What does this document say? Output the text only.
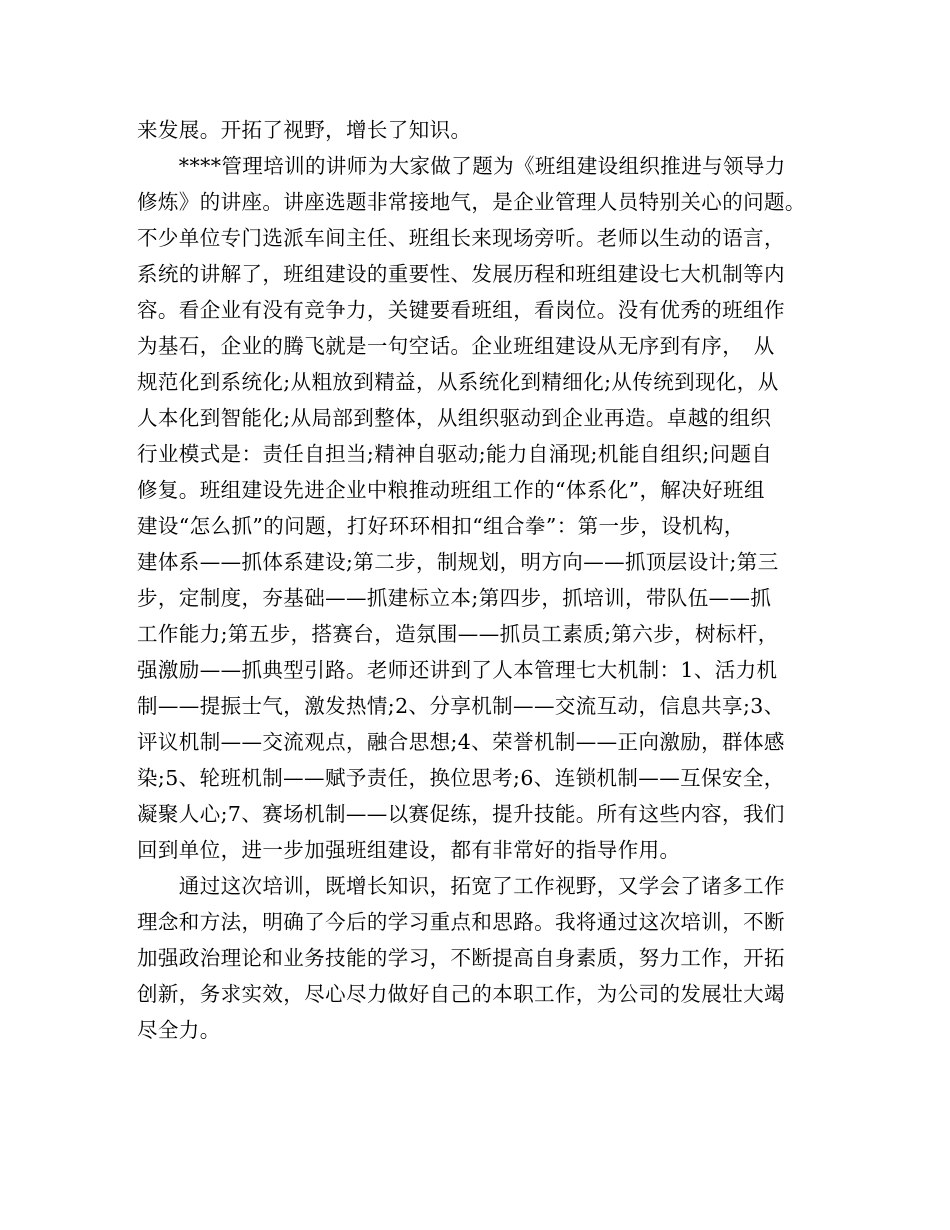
来发展。开拓了视野，增长了知识。
　　****管理培训的讲师为大家做了题为《班组建设组织推进与领导力
修炼》的讲座。讲座选题非常接地气，是企业管理人员特别关心的问题。
不少单位专门选派车间主任、班组长来现场旁听。老师以生动的语言，
系统的讲解了，班组建设的重要性、发展历程和班组建设七大机制等内
容。看企业有没有竞争力，关键要看班组，看岗位。没有优秀的班组作
为基石，企业的腾飞就是一句空话。企业班组建设从无序到有序，　从
规范化到系统化;从粗放到精益，从系统化到精细化;从传统到现化，从
人本化到智能化;从局部到整体，从组织驱动到企业再造。卓越的组织
行业模式是：责任自担当;精神自驱动;能力自涌现;机能自组织;问题自
修复。班组建设先进企业中粮推动班组工作的“体系化”，解决好班组
建设“怎么抓”的问题，打好环环相扣“组合拳”：第一步，设机构，
建体系——抓体系建设;第二步，制规划，明方向——抓顶层设计;第三
步，定制度，夯基础——抓建标立本;第四步，抓培训，带队伍——抓
工作能力;第五步，搭赛台，造氛围——抓员工素质;第六步，树标杆，
强激励——抓典型引路。老师还讲到了人本管理七大机制：1、活力机
制——提振士气，激发热情;2、分享机制——交流互动，信息共享;3、
评议机制——交流观点，融合思想;4、荣誉机制——正向激励，群体感
染;5、轮班机制——赋予责任，换位思考;6、连锁机制——互保安全，
凝聚人心;7、赛场机制——以赛促练，提升技能。所有这些内容，我们
回到单位，进一步加强班组建设，都有非常好的指导作用。
　　通过这次培训，既增长知识，拓宽了工作视野，又学会了诸多工作
理念和方法，明确了今后的学习重点和思路。我将通过这次培训，不断
加强政治理论和业务技能的学习，不断提高自身素质，努力工作，开拓
创新，务求实效，尽心尽力做好自己的本职工作，为公司的发展壮大竭
尽全力。
